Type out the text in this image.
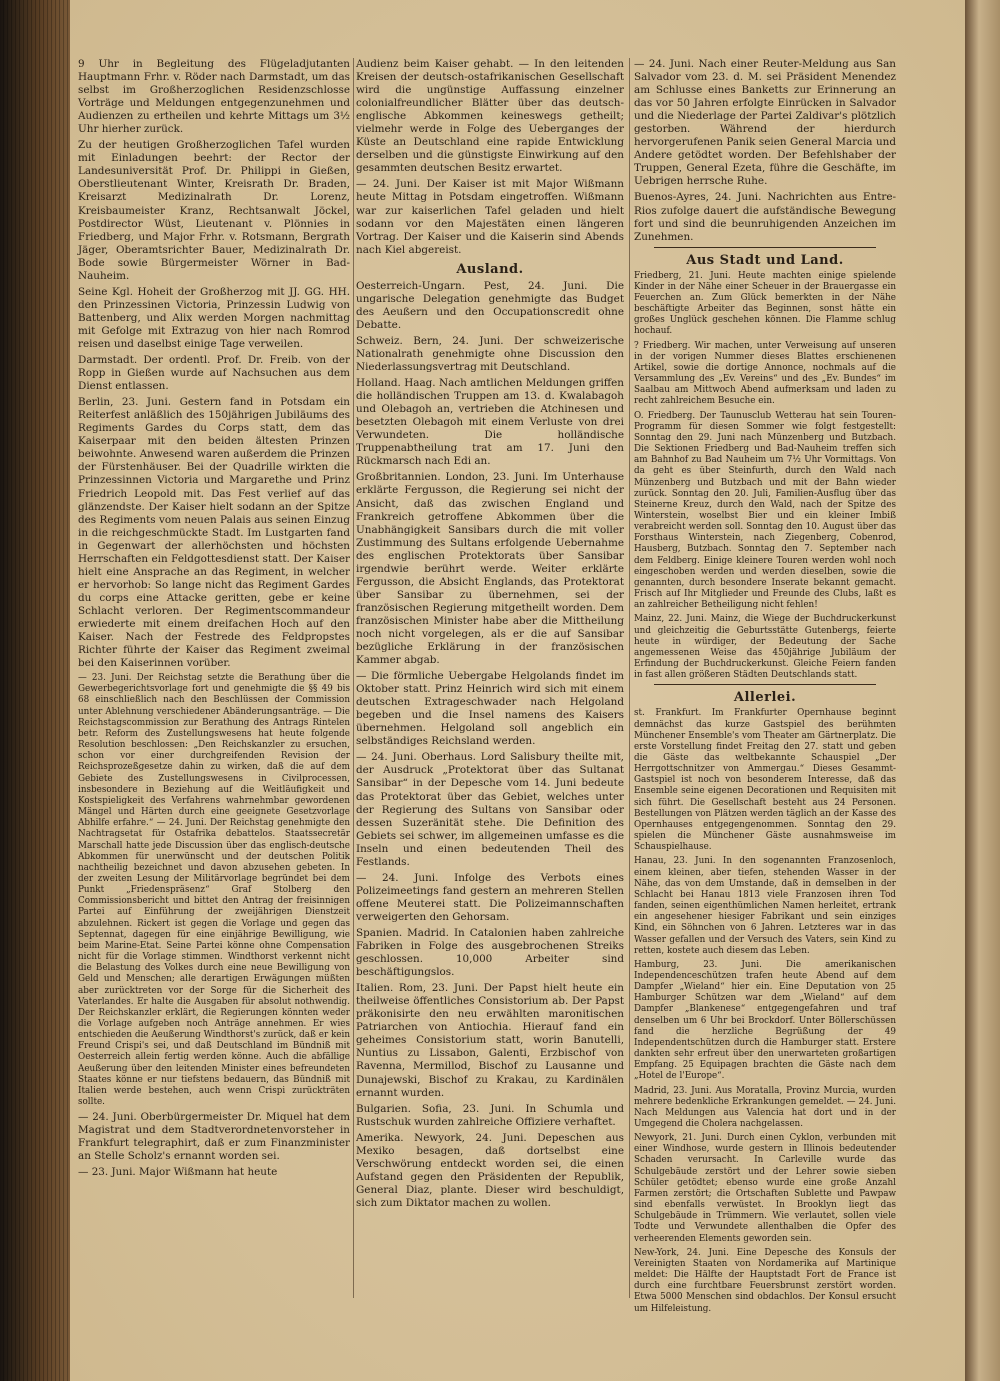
9 Uhr in Begleitung des Flügeladjutanten Hauptmann Frhr. v. Röder nach Darmstadt, um das selbst im Großherzoglichen Residenzschlosse Vorträge und Meldungen entgegenzunehmen und Audienzen zu ertheilen und kehrte Mittags um 3½ Uhr hierher zurück.

Zu der heutigen Großherzoglichen Tafel wurden mit Einladungen beehrt: der Rector der Landesuniversität Prof. Dr. Philippi in Gießen, Oberstlieutenant Winter, Kreisrath Dr. Braden, Kreisarzt Medizinalrath Dr. Lorenz, Kreisbaumeister Kranz, Rechtsanwalt Jöckel, Postdirector Wüst, Lieutenant v. Plönnies in Friedberg, und Major Frhr. v. Rotsmann, Bergrath Jäger, Oberamtsrichter Bauer, Medizinalrath Dr. Bode sowie Bürgermeister Wörner in Bad-Nauheim.

Seine Kgl. Hoheit der Großherzog mit JJ. GG. HH. den Prinzessinen Victoria, Prinzessin Ludwig von Battenberg, und Alix werden Morgen nachmittag mit Gefolge mit Extrazug von hier nach Romrod reisen und daselbst einige Tage verweilen.

Darmstadt. Der ordentl. Prof. Dr. Freib. von der Ropp in Gießen wurde auf Nachsuchen aus dem Dienst entlassen.

Berlin, 23. Juni. Gestern fand in Potsdam ein Reiterfest anläßlich des 150jährigen Jubiläums des Regiments Gardes du Corps statt, dem das Kaiserpaar mit den beiden ältesten Prinzen beiwohnte. Anwesend waren außerdem die Prinzen der Fürstenhäuser. Bei der Quadrille wirkten die Prinzessinnen Victoria und Margarethe und Prinz Friedrich Leopold mit. Das Fest verlief auf das glänzendste. Der Kaiser hielt sodann an der Spitze des Regiments vom neuen Palais aus seinen Einzug in die reichgeschmückte Stadt. Im Lustgarten fand in Gegenwart der allerhöchsten und höchsten Herrschaften ein Feldgottesdienst statt. Der Kaiser hielt eine Ansprache an das Regiment, in welcher er hervorhob: So lange nicht das Regiment Gardes du corps eine Attacke geritten, gebe er keine Schlacht verloren. Der Regimentscommandeur erwiederte mit einem dreifachen Hoch auf den Kaiser. Nach der Festrede des Feldpropstes Richter führte der Kaiser das Regiment zweimal bei den Kaiserinnen vorüber.

— 23. Juni. Der Reichstag setzte die Berathung über die Gewerbegerichtsvorlage fort und genehmigte die §§ 49 bis 68 einschließlich nach den Beschlüssen der Commission unter Ablehnung verschiedener Abänderungsanträge. — Die Reichstagscommission zur Berathung des Antrags Rintelen betr. Reform des Zustellungswesens hat heute folgende Resolution beschlossen: „Den Reichskanzler zu ersuchen, schon vor einer durchgreifenden Revision der Reichsprozeßgesetze dahin zu wirken, daß die auf dem Gebiete des Zustellungswesens in Civilprocessen, insbesondere in Beziehung auf die Weitläufigkeit und Kostspieligkeit des Verfahrens wahrnehmbar gewordenen Mängel und Härten durch eine geeignete Gesetzvorlage Abhilfe erfahre.“ — 24. Juni. Der Reichstag genehmigte den Nachtragsetat für Ostafrika debattelos. Staatssecretär Marschall hatte jede Discussion über das englisch-deutsche Abkommen für unerwünscht und der deutschen Politik nachtheilig bezeichnet und davon abzusehen gebeten. In der zweiten Lesung der Militärvorlage begründet bei dem Punkt „Friedenspräsenz“ Graf Stolberg den Commissionsbericht und bittet den Antrag der freisinnigen Partei auf Einführung der zweijährigen Dienstzeit abzulehnen. Rickert ist gegen die Vorlage und gegen das Septennat, dagegen für eine einjährige Bewilligung, wie beim Marine-Etat. Seine Partei könne ohne Compensation nicht für die Vorlage stimmen. Windthorst verkennt nicht die Belastung des Volkes durch eine neue Bewilligung von Geld und Menschen; alle derartigen Erwägungen müßten aber zurücktreten vor der Sorge für die Sicherheit des Vaterlandes. Er halte die Ausgaben für absolut nothwendig. Der Reichskanzler erklärt, die Regierungen könnten weder die Vorlage aufgeben noch Anträge annehmen. Er wies entschieden die Aeußerung Windthorst's zurück, daß er kein Freund Crispi's sei, und daß Deutschland im Bündniß mit Oesterreich allein fertig werden könne. Auch die abfällige Aeußerung über den leitenden Minister eines befreundeten Staates könne er nur tiefstens bedauern, das Bündniß mit Italien werde bestehen, auch wenn Crispi zurückträten sollte.

— 24. Juni. Oberbürgermeister Dr. Miquel hat dem Magistrat und dem Stadtverordnetenvorsteher in Frankfurt telegraphirt, daß er zum Finanzminister an Stelle Scholz's ernannt worden sei.

— 23. Juni. Major Wißmann hat heute

Audienz beim Kaiser gehabt. — In den leitenden Kreisen der deutsch-ostafrikanischen Gesellschaft wird die ungünstige Auffassung einzelner colonialfreundlicher Blätter über das deutsch-englische Abkommen keineswegs getheilt; vielmehr werde in Folge des Ueberganges der Küste an Deutschland eine rapide Entwicklung derselben und die günstigste Einwirkung auf den gesammten deutschen Besitz erwartet.

— 24. Juni. Der Kaiser ist mit Major Wißmann heute Mittag in Potsdam eingetroffen. Wißmann war zur kaiserlichen Tafel geladen und hielt sodann vor den Majestäten einen längeren Vortrag. Der Kaiser und die Kaiserin sind Abends nach Kiel abgereist.

Ausland.

Oesterreich-Ungarn. Pest, 24. Juni. Die ungarische Delegation genehmigte das Budget des Aeußern und den Occupationscredit ohne Debatte.

Schweiz. Bern, 24. Juni. Der schweizerische Nationalrath genehmigte ohne Discussion den Niederlassungsvertrag mit Deutschland.

Holland. Haag. Nach amtlichen Meldungen griffen die holländischen Truppen am 13. d. Kwalabagoh und Olebagoh an, vertrieben die Atchinesen und besetzten Olebagoh mit einem Verluste von drei Verwundeten. Die holländische Truppenabtheilung trat am 17. Juni den Rückmarsch nach Edi an.

Großbritannien. London, 23. Juni. Im Unterhause erklärte Fergusson, die Regierung sei nicht der Ansicht, daß das zwischen England und Frankreich getroffene Abkommen über die Unabhängigkeit Sansibars durch die mit voller Zustimmung des Sultans erfolgende Uebernahme des englischen Protektorats über Sansibar irgendwie berührt werde. Weiter erklärte Fergusson, die Absicht Englands, das Protektorat über Sansibar zu übernehmen, sei der französischen Regierung mitgetheilt worden. Dem französischen Minister habe aber die Mittheilung noch nicht vorgelegen, als er die auf Sansibar bezügliche Erklärung in der französischen Kammer abgab.

— Die förmliche Uebergabe Helgolands findet im Oktober statt. Prinz Heinrich wird sich mit einem deutschen Extrageschwader nach Helgoland begeben und die Insel namens des Kaisers übernehmen. Helgoland soll angeblich ein selbständiges Reichsland werden.

— 24. Juni. Oberhaus. Lord Salisbury theilte mit, der Ausdruck „Protektorat über das Sultanat Sansibar“ in der Depesche vom 14. Juni bedeute das Protektorat über das Gebiet, welches unter der Regierung des Sultans von Sansibar oder dessen Suzeränität stehe. Die Definition des Gebiets sei schwer, im allgemeinen umfasse es die Inseln und einen bedeutenden Theil des Festlands.

— 24. Juni. Infolge des Verbots eines Polizeimeetings fand gestern an mehreren Stellen offene Meuterei statt. Die Polizeimannschaften verweigerten den Gehorsam.

Spanien. Madrid. In Catalonien haben zahlreiche Fabriken in Folge des ausgebrochenen Streiks geschlossen. 10,000 Arbeiter sind beschäftigungslos.

Italien. Rom, 23. Juni. Der Papst hielt heute ein theilweise öffentliches Consistorium ab. Der Papst präkonisirte den neu erwählten maronitischen Patriarchen von Antiochia. Hierauf fand ein geheimes Consistorium statt, worin Banutelli, Nuntius zu Lissabon, Galenti, Erzbischof von Ravenna, Mermillod, Bischof zu Lausanne und Dunajewski, Bischof zu Krakau, zu Kardinälen ernannt wurden.

Bulgarien. Sofia, 23. Juni. In Schumla und Rustschuk wurden zahlreiche Offiziere verhaftet.

Amerika. Newyork, 24. Juni. Depeschen aus Mexiko besagen, daß dortselbst eine Verschwörung entdeckt worden sei, die einen Aufstand gegen den Präsidenten der Republik, General Diaz, plante. Dieser wird beschuldigt, sich zum Diktator machen zu wollen.

— 24. Juni. Nach einer Reuter-Meldung aus San Salvador vom 23. d. M. sei Präsident Menendez am Schlusse eines Banketts zur Erinnerung an das vor 50 Jahren erfolgte Einrücken in Salvador und die Niederlage der Partei Zaldivar's plötzlich gestorben. Während der hierdurch hervorgerufenen Panik seien General Marcia und Andere getödtet worden. Der Befehlshaber der Truppen, General Ezeta, führe die Geschäfte, im Uebrigen herrsche Ruhe.

Buenos-Ayres, 24. Juni. Nachrichten aus Entre-Rios zufolge dauert die aufständische Bewegung fort und sind die beunruhigenden Anzeichen im Zunehmen.

Aus Stadt und Land.

Friedberg, 21. Juni. Heute machten einige spielende Kinder in der Nähe einer Scheuer in der Brauergasse ein Feuerchen an. Zum Glück bemerkten in der Nähe beschäftigte Arbeiter das Beginnen, sonst hätte ein großes Unglück geschehen können. Die Flamme schlug hochauf.

? Friedberg. Wir machen, unter Verweisung auf unseren in der vorigen Nummer dieses Blattes erschienenen Artikel, sowie die dortige Annonce, nochmals auf die Versammlung des „Ev. Vereins“ und des „Ev. Bundes“ im Saalbau am Mittwoch Abend aufmerksam und laden zu recht zahlreichem Besuche ein.

O. Friedberg. Der Taunusclub Wetterau hat sein Touren-Programm für diesen Sommer wie folgt festgestellt: Sonntag den 29. Juni nach Münzenberg und Butzbach. Die Sektionen Friedberg und Bad-Nauheim treffen sich am Bahnhof zu Bad Nauheim um 7½ Uhr Vormittags. Von da geht es über Steinfurth, durch den Wald nach Münzenberg und Butzbach und mit der Bahn wieder zurück. Sonntag den 20. Juli, Familien-Ausflug über das Steinerne Kreuz, durch den Wald, nach der Spitze des Winterstein, woselbst Bier und ein kleiner Imbiß verabreicht werden soll. Sonntag den 10. August über das Forsthaus Winterstein, nach Ziegenberg, Cobenrod, Hausberg, Butzbach. Sonntag den 7. September nach dem Feldberg. Einige kleinere Touren werden wohl noch eingeschoben werden und werden dieselben, sowie die genannten, durch besondere Inserate bekannt gemacht. Frisch auf Ihr Mitglieder und Freunde des Clubs, laßt es an zahlreicher Betheiligung nicht fehlen!

Mainz, 22. Juni. Mainz, die Wiege der Buchdruckerkunst und gleichzeitig die Geburtsstätte Gutenbergs, feierte heute in würdiger, der Bedeutung der Sache angemessenen Weise das 450jährige Jubiläum der Erfindung der Buchdruckerkunst. Gleiche Feiern fanden in fast allen größeren Städten Deutschlands statt.

Allerlei.

st. Frankfurt. Im Frankfurter Opernhause beginnt demnächst das kurze Gastspiel des berühmten Münchener Ensemble's vom Theater am Gärtnerplatz. Die erste Vorstellung findet Freitag den 27. statt und geben die Gäste das weltbekannte Schauspiel „Der Herrgottschnitzer von Ammergau.“ Dieses Gesammt-Gastspiel ist noch von besonderem Interesse, daß das Ensemble seine eigenen Decorationen und Requisiten mit sich führt. Die Gesellschaft besteht aus 24 Personen. Bestellungen von Plätzen werden täglich an der Kasse des Opernhauses entgegengenommen. Sonntag den 29. spielen die Münchener Gäste ausnahmsweise im Schauspielhause.

Hanau, 23. Juni. In den sogenannten Franzosenloch, einem kleinen, aber tiefen, stehenden Wasser in der Nähe, das von dem Umstande, daß in demselben in der Schlacht bei Hanau 1813 viele Franzosen ihren Tod fanden, seinen eigenthümlichen Namen herleitet, ertrank ein angesehener hiesiger Fabrikant und sein einziges Kind, ein Söhnchen von 6 Jahren. Letzteres war in das Wasser gefallen und der Versuch des Vaters, sein Kind zu retten, kostete auch diesem das Leben.

Hamburg, 23. Juni. Die amerikanischen Independenceschützen trafen heute Abend auf dem Dampfer „Wieland“ hier ein. Eine Deputation von 25 Hamburger Schützen war dem „Wieland“ auf dem Dampfer „Blankenese“ entgegengefahren und traf denselben um 6 Uhr bei Brockdorf. Unter Böllerschüssen fand die herzliche Begrüßung der 49 Independentschützen durch die Hamburger statt. Erstere dankten sehr erfreut über den unerwarteten großartigen Empfang. 25 Equipagen brachten die Gäste nach dem „Hotel de l'Europe“.

Madrid, 23. Juni. Aus Moratalla, Provinz Murcia, wurden mehrere bedenkliche Erkrankungen gemeldet. — 24. Juni. Nach Meldungen aus Valencia hat dort und in der Umgegend die Cholera nachgelassen.

Newyork, 21. Juni. Durch einen Cyklon, verbunden mit einer Windhose, wurde gestern in Illinois bedeutender Schaden verursacht. In Carleville wurde das Schulgebäude zerstört und der Lehrer sowie sieben Schüler getödtet; ebenso wurde eine große Anzahl Farmen zerstört; die Ortschaften Sublette und Pawpaw sind ebenfalls verwüstet. In Brooklyn liegt das Schulgebäude in Trümmern. Wie verlautet, sollen viele Todte und Verwundete allenthalben die Opfer des verheerenden Elements geworden sein.

New-York, 24. Juni. Eine Depesche des Konsuls der Vereinigten Staaten von Nordamerika auf Martinique meldet: Die Hälfte der Hauptstadt Fort de France ist durch eine furchtbare Feuersbrunst zerstört worden. Etwa 5000 Menschen sind obdachlos. Der Konsul ersucht um Hilfeleistung.
